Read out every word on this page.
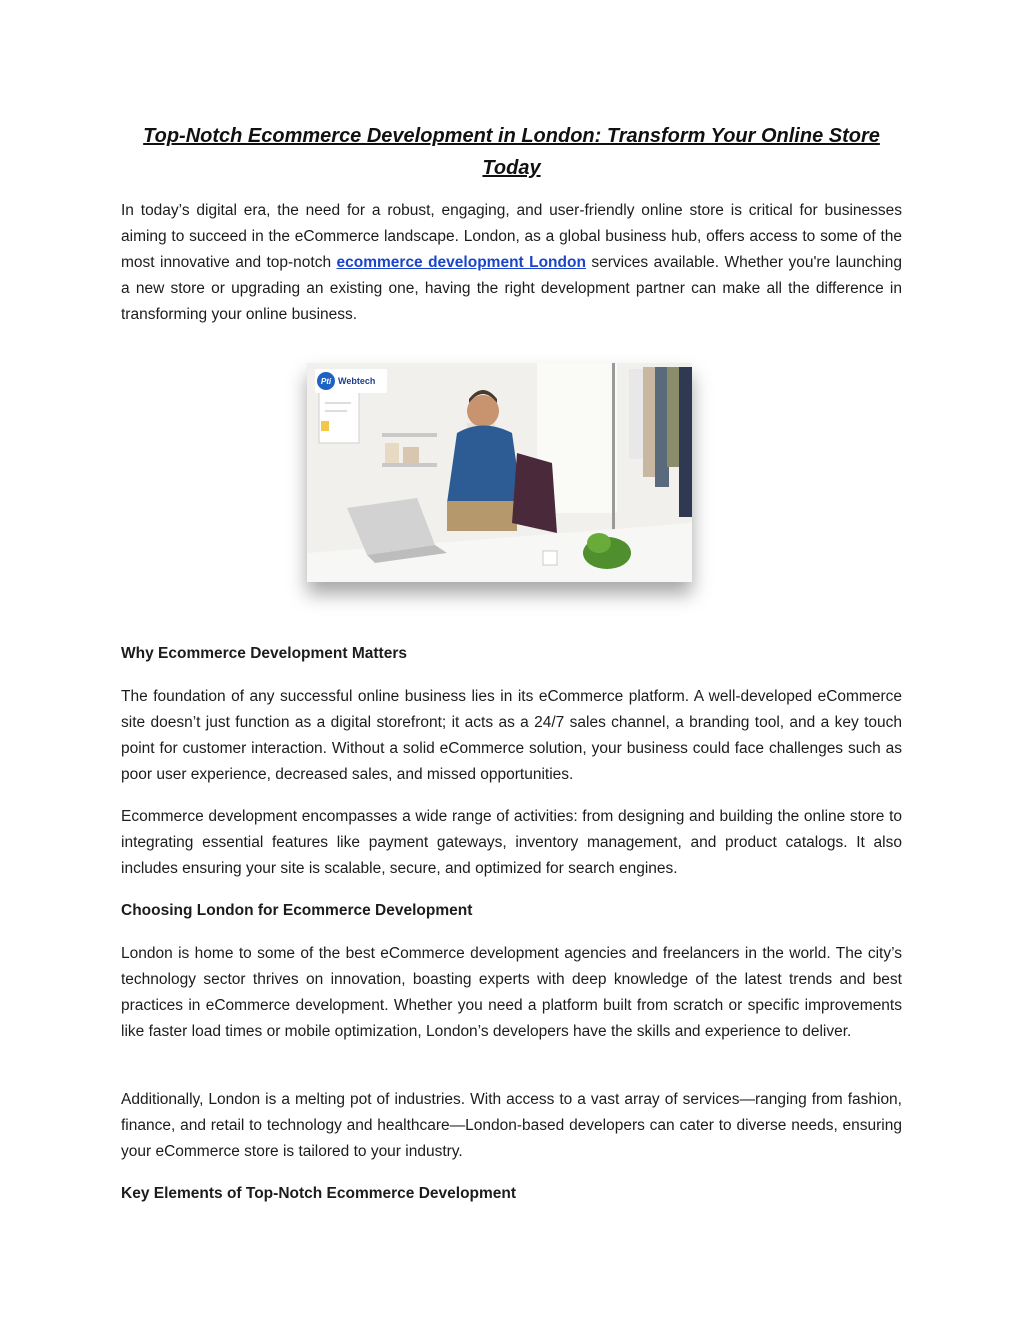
Top-Notch Ecommerce Development in London: Transform Your Online Store Today

In today’s digital era, the need for a robust, engaging, and user-friendly online store is critical for businesses aiming to succeed in the eCommerce landscape. London, as a global business hub, offers access to some of the most innovative and top-notch ecommerce development London services available. Whether you're launching a new store or upgrading an existing one, having the right development partner can make all the difference in transforming your online business.

Pti Webtech
Why Ecommerce Development Matters

The foundation of any successful online business lies in its eCommerce platform. A well-developed eCommerce site doesn’t just function as a digital storefront; it acts as a 24/7 sales channel, a branding tool, and a key touch point for customer interaction. Without a solid eCommerce solution, your business could face challenges such as poor user experience, decreased sales, and missed opportunities.

Ecommerce development encompasses a wide range of activities: from designing and building the online store to integrating essential features like payment gateways, inventory management, and product catalogs. It also includes ensuring your site is scalable, secure, and optimized for search engines.

Choosing London for Ecommerce Development

London is home to some of the best eCommerce development agencies and freelancers in the world. The city’s technology sector thrives on innovation, boasting experts with deep knowledge of the latest trends and best practices in eCommerce development. Whether you need a platform built from scratch or specific improvements like faster load times or mobile optimization, London’s developers have the skills and experience to deliver.

Additionally, London is a melting pot of industries. With access to a vast array of services—ranging from fashion, finance, and retail to technology and healthcare—London-based developers can cater to diverse needs, ensuring your eCommerce store is tailored to your industry.

Key Elements of Top-Notch Ecommerce Development
